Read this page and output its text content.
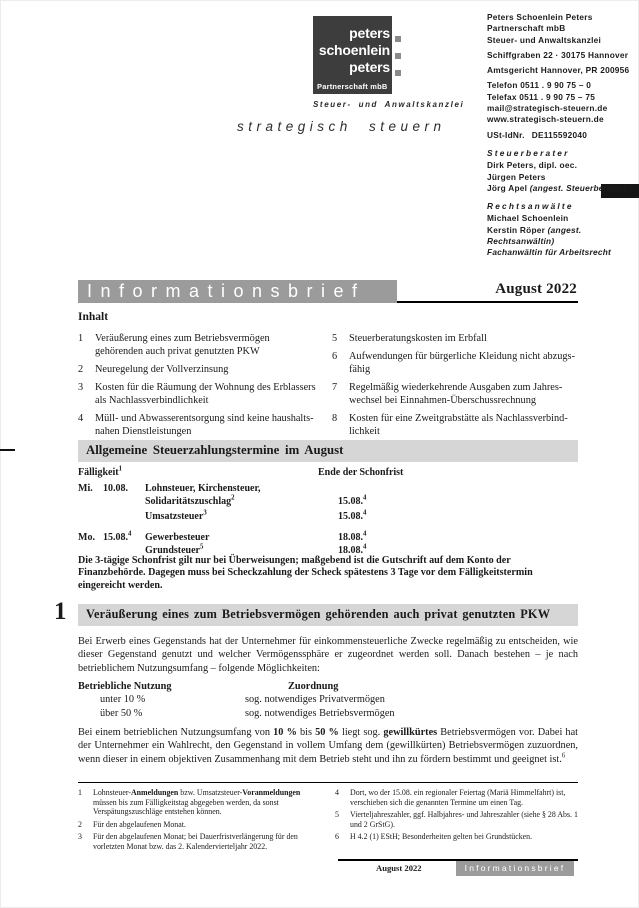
peters
schoenlein
peters
Partnerschaft mbB
Steuer- und Anwaltskanzlei
strategisch steuern
Peters Schoenlein Peters
Partnerschaft mbB
Steuer- und Anwaltskanzlei
Schiffgraben 22 · 30175 Hannover
Amtsgericht Hannover, PR 200956
Telefon 0511 . 9 90 75 – 0
Telefax 0511 . 9 90 75 – 75
mail@strategisch-steuern.de
www.strategisch-steuern.de
USt-IdNr. DE115592040
Steuerberater
Dirk Peters, dipl. oec.
Jürgen Peters
Jörg Apel (angest. Steuerberater)
Rechtsanwälte
Michael Schoenlein
Kerstin Röper (angest. Rechtsanwältin)
Fachanwältin für Arbeitsrecht
Informationsbrief	August 2022
Inhalt
1	Veräußerung eines zum Betriebsvermögen gehörenden auch privat genutzten PKW
2	Neuregelung der Vollverzinsung
3	Kosten für die Räumung der Wohnung des Erblassers als Nachlassverbindlichkeit
4	Müll- und Abwasserentsorgung sind keine haushaltsnahen Dienstleistungen
5	Steuerberatungskosten im Erbfall
6	Aufwendungen für bürgerliche Kleidung nicht abzugsfähig
7	Regelmäßig wiederkehrende Ausgaben zum Jahreswechsel bei Einnahmen-Überschussrechnung
8	Kosten für eine Zweitgrabstätte als Nachlassverbindlichkeit
Allgemeine Steuerzahlungstermine im August
Fälligkeit$^1$	Ende der Schonfrist
Mi.	10.08.	Lohnsteuer, Kirchensteuer,
Solidaritätszuschlag$^2$	15.08.$^4$
Umsatzsteuer$^3$	15.08.$^4$
Mo. 15.08.$^4$	Gewerbesteuer	18.08.$^4$
Grundsteuer$^5$	18.08.$^4$
Die 3-tägige Schonfrist gilt nur bei Überweisungen; maßgebend ist die Gutschrift auf dem Konto der Finanzbehörde. Dagegen muss bei Scheckzahlung der Scheck spätestens 3 Tage vor dem Fälligkeitstermin eingereicht werden.
1	Veräußerung eines zum Betriebsvermögen gehörenden auch privat genutzten PKW

Bei Erwerb eines Gegenstands hat der Unternehmer für einkommensteuerliche Zwecke regelmäßig zu entscheiden, wie dieser Gegenstand genutzt und welcher Vermögenssphäre er zugeordnet werden soll. Danach bestehen – je nach betrieblichem Nutzungsumfang – folgende Möglichkeiten:

Betriebliche Nutzung	Zuordnung
unter 10 %	sog. notwendiges Privatvermögen
über 50 %	sog. notwendiges Betriebsvermögen

Bei einem betrieblichen Nutzungsumfang von 10 % bis 50 % liegt sog. gewillkürtes Betriebsvermögen vor. Dabei hat der Unternehmer ein Wahlrecht, den Gegenstand in vollem Umfang dem (gewillkürten) Betriebsvermögen zuzuordnen, wenn dieser in einem objektiven Zusammenhang mit dem Betrieb steht und ihn zu fördern bestimmt und geeignet ist.$^6$

1	Lohnsteuer-Anmeldungen bzw. Umsatzsteuer-Voranmeldungen müssen bis zum Fälligkeitstag abgegeben werden, da sonst Verspätungszuschläge entstehen können.
2	Für den abgelaufenen Monat.
3	Für den abgelaufenen Monat; bei Dauerfristverlängerung für den vorletzten Monat bzw. das 2. Kalendervierteljahr 2022.
4	Dort, wo der 15.08. ein regionaler Feiertag (Mariä Himmelfahrt) ist, verschieben sich die genannten Termine um einen Tag.
5	Vierteljahreszahler, ggf. Halbjahres- und Jahreszahler (siehe § 28 Abs. 1 und 2 GrStG).
6	H 4.2 (1) EStH; Besonderheiten gelten bei Grundstücken.
August 2022	Informationsbrief
